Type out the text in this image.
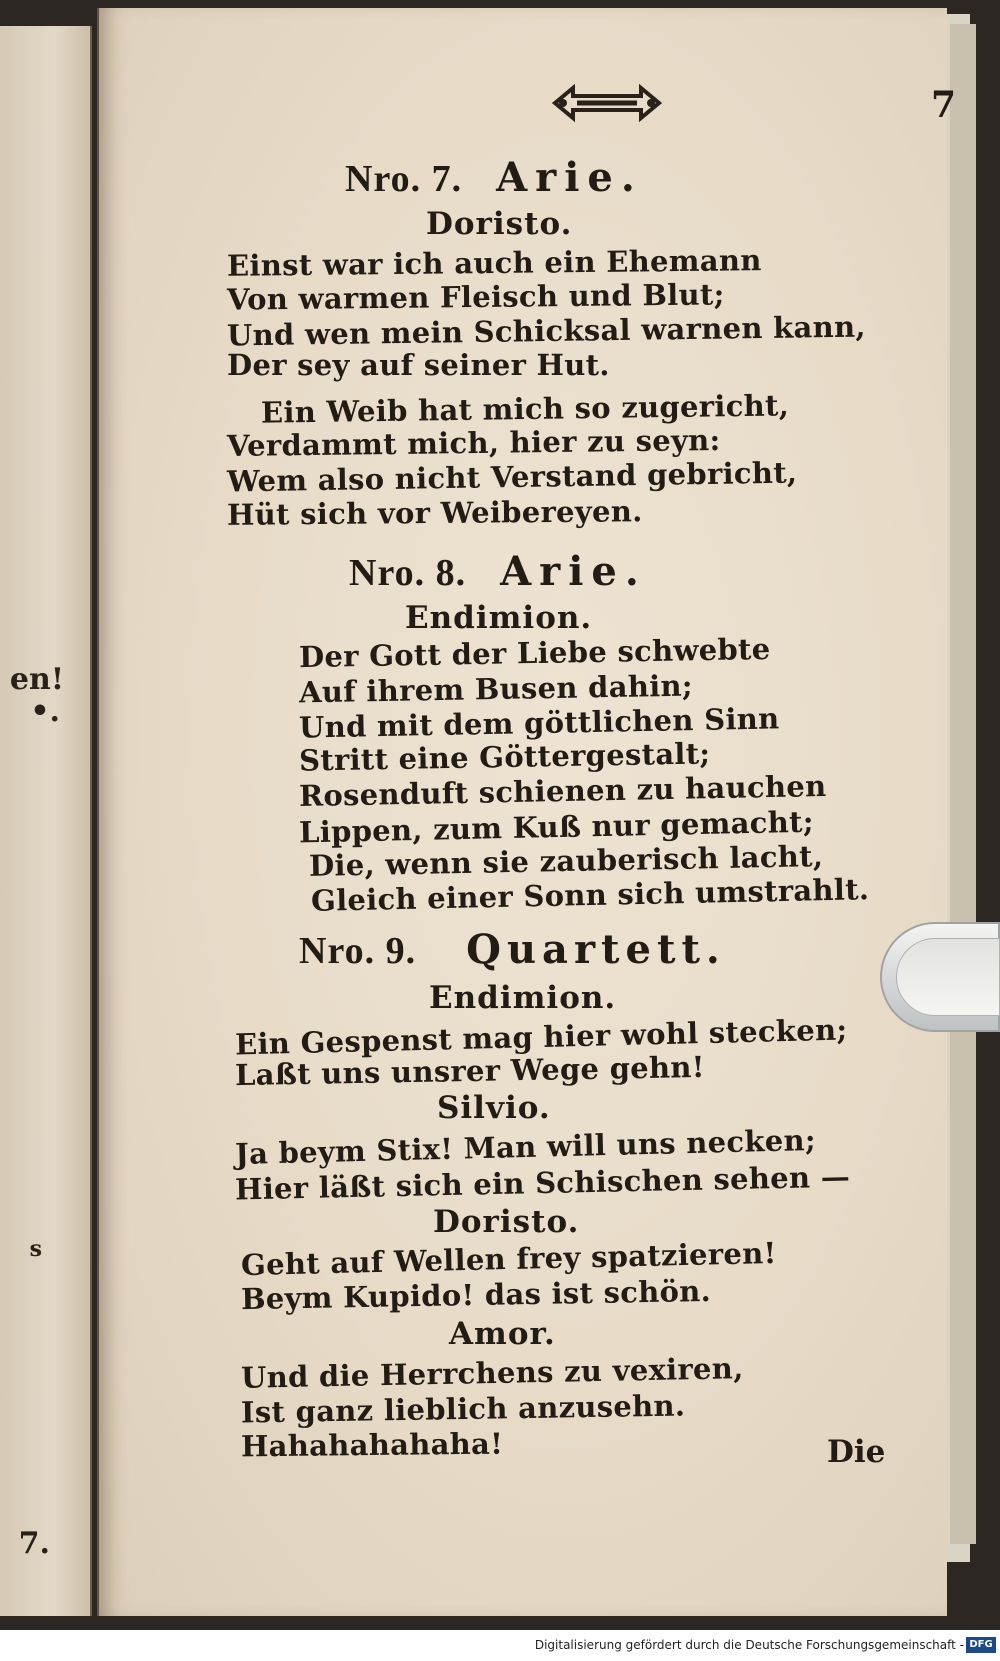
en!
•.
s
7.
7
Nro. 7. Arie.
Doristo.
Einst war ich auch ein Ehemann
Von warmen Fleisch und Blut;
Und wen mein Schicksal warnen kann,
Der sey auf seiner Hut.
Ein Weib hat mich so zugericht,
Verdammt mich, hier zu seyn:
Wem also nicht Verstand gebricht,
Hüt sich vor Weibereyen.
Nro. 8. Arie.
Endimion.
Der Gott der Liebe schwebte
Auf ihrem Busen dahin;
Und mit dem göttlichen Sinn
Stritt eine Göttergestalt;
Rosenduft schienen zu hauchen
Lippen, zum Kuß nur gemacht;
Die, wenn sie zauberisch lacht,
Gleich einer Sonn sich umstrahlt.
Nro. 9. Quartett.
Endimion.
Ein Gespenst mag hier wohl stecken;
Laßt uns unsrer Wege gehn!
Silvio.
Ja beym Stix! Man will uns necken;
Hier läßt sich ein Schischen sehen —
Doristo.
Geht auf Wellen frey spatzieren!
Beym Kupido! das ist schön.
Amor.
Und die Herrchens zu vexiren,
Ist ganz lieblich anzusehn.
Hahahahahaha!	Die
Digitalisierung gefördert durch die Deutsche Forschungsgemeinschaft - DFG
